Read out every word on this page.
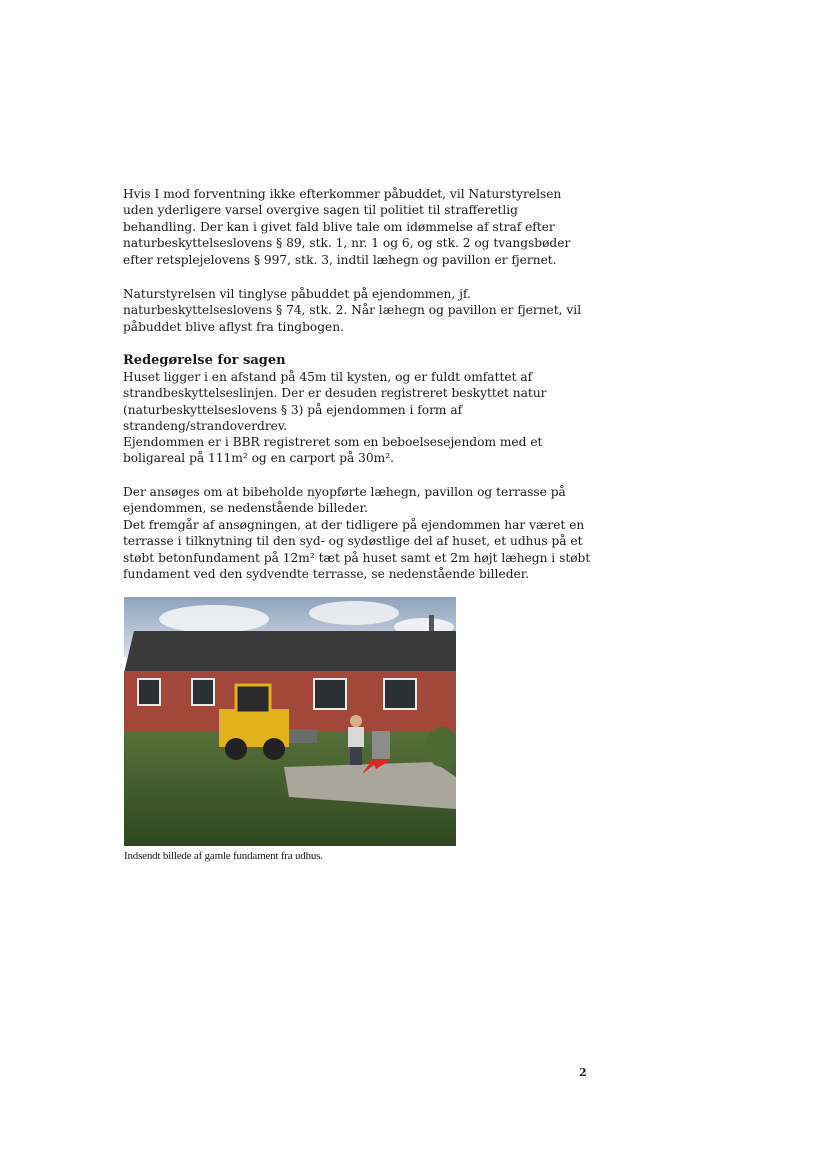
Hvis I mod forventning ikke efterkommer påbuddet, vil Naturstyrelsen uden yderligere varsel overgive sagen til politiet til strafferetlig behandling. Der kan i givet fald blive tale om idømmelse af straf efter naturbeskyttelseslovens § 89, stk. 1, nr. 1 og 6, og stk. 2 og tvangsbøder efter retsplejelovens § 997, stk. 3, indtil læhegn og pavillon er fjernet.

Naturstyrelsen vil tinglyse påbuddet på ejendommen, jf. naturbeskyttelseslovens § 74, stk. 2. Når læhegn og pavillon er fjernet, vil påbuddet blive aflyst fra tingbogen.

Redegørelse for sagen

Huset ligger i en afstand på 45m til kysten, og er fuldt omfattet af strandbeskyttelseslinjen. Der er desuden registreret beskyttet natur (naturbeskyttelseslovens § 3) på ejendommen i form af strandeng/strandoverdrev.

Ejendommen er i BBR registreret som en beboelsesejendom med et boligareal på 111m² og en carport på 30m².

Der ansøges om at bibeholde nyopførte læhegn, pavillon og terrasse på ejendommen, se nedenstående billeder.

Det fremgår af ansøgningen, at der tidligere på ejendommen har været en terrasse i tilknytning til den syd- og sydøstlige del af huset, et udhus på et støbt betonfundament på 12m² tæt på huset samt et 2m højt læhegn i støbt fundament ved den sydvendte terrasse, se nedenstående billeder.

Indsendt billede af gamle fundament fra udhus.
2
